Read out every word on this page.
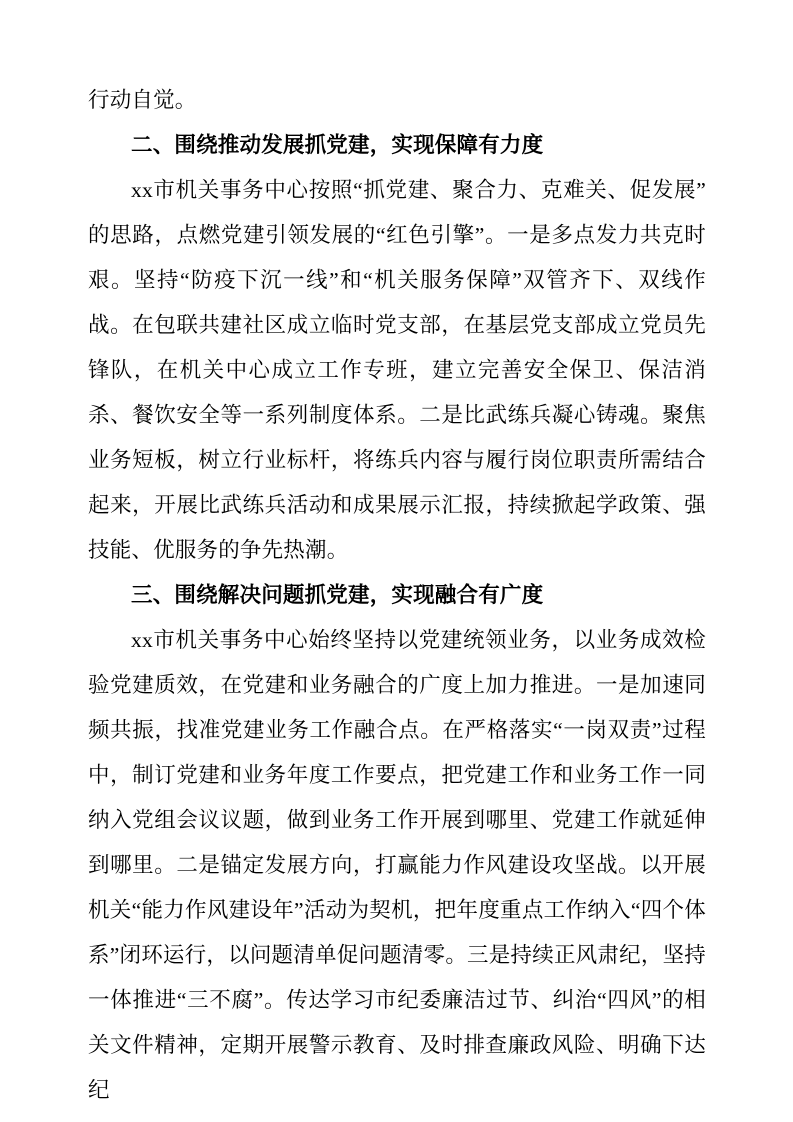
行动自觉。

二、围绕推动发展抓党建，实现保障有力度

xx市机关事务中心按照“抓党建、聚合力、克难关、促发展”的思路，点燃党建引领发展的“红色引擎”。一是多点发力共克时艰。坚持“防疫下沉一线”和“机关服务保障”双管齐下、双线作战。在包联共建社区成立临时党支部，在基层党支部成立党员先锋队，在机关中心成立工作专班，建立完善安全保卫、保洁消杀、餐饮安全等一系列制度体系。二是比武练兵凝心铸魂。聚焦业务短板，树立行业标杆，将练兵内容与履行岗位职责所需结合起来，开展比武练兵活动和成果展示汇报，持续掀起学政策、强技能、优服务的争先热潮。

三、围绕解决问题抓党建，实现融合有广度

xx市机关事务中心始终坚持以党建统领业务，以业务成效检验党建质效，在党建和业务融合的广度上加力推进。一是加速同频共振，找准党建业务工作融合点。在严格落实“一岗双责”过程中，制订党建和业务年度工作要点，把党建工作和业务工作一同纳入党组会议议题，做到业务工作开展到哪里、党建工作就延伸到哪里。二是锚定发展方向，打赢能力作风建设攻坚战。以开展机关“能力作风建设年”活动为契机，把年度重点工作纳入“四个体系”闭环运行，以问题清单促问题清零。三是持续正风肃纪，坚持一体推进“三不腐”。传达学习市纪委廉洁过节、纠治“四风”的相关文件精神，定期开展警示教育、及时排查廉政风险、明确下达纪
